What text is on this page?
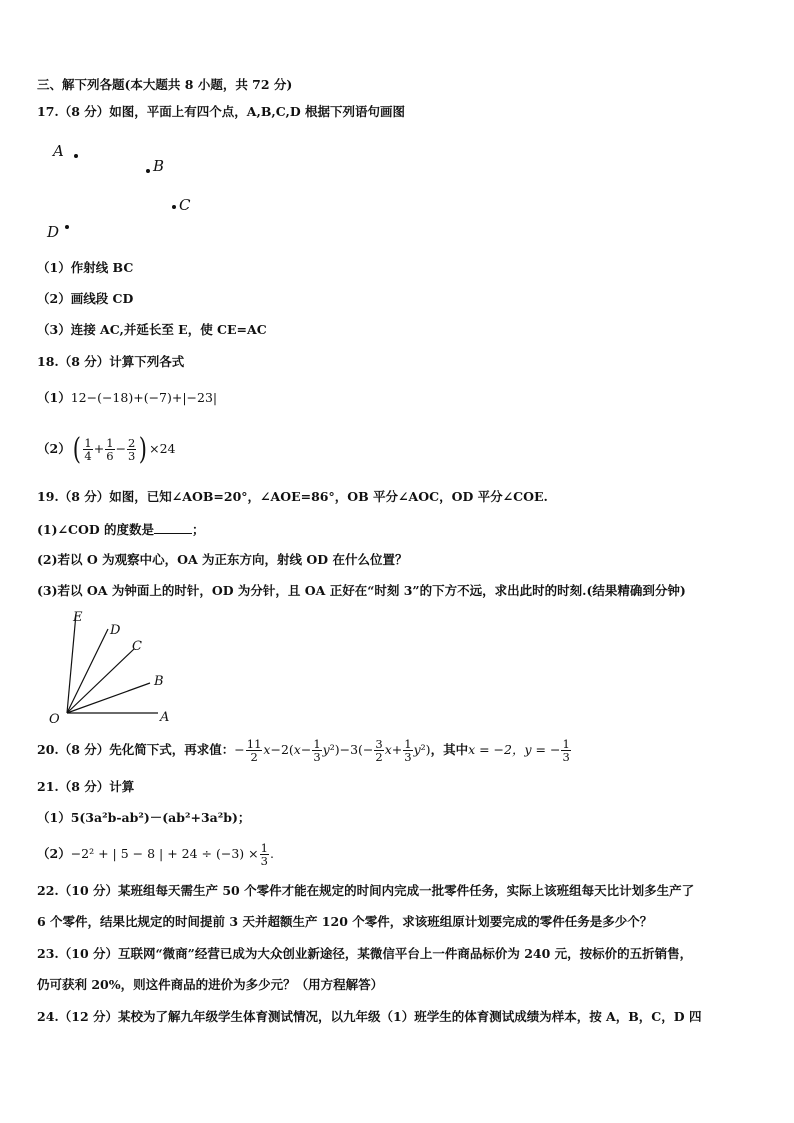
三、解下列各题(本大题共 8 小题，共 72 分)
17.（8 分）如图，平面上有四个点，A,B,C,D 根据下列语句画图
A
B
C
D
（1）作射线 BC
（2）画线段 CD
（3）连接 AC,并延长至 E，使 CE=AC
18.（8 分）计算下列各式
（1）12−(−18)+(−7)+|−23|
$(2)( \frac{1}{4} + \frac{1}{6} - \frac{2}{3}$ ) ×24
19.（8 分）如图，已知∠AOB=20°，∠AOE=86°，OB 平分∠AOC，OD 平分∠COE.
(1)∠COD 的度数是	；
(2)若以 O 为观察中心，OA 为正东方向，射线 OD 在什么位置？
(3)若以 OA 为钟面上的时针，OD 为分针，且 OA 正好在“时刻 3”的下方不远，求出此时的时刻.(结果精确到分钟)
E
D
C
B
O	A
20.（8 分）先化简下式，再求值：− $\frac{11}{2} x-2(x- \frac{1}{3} y^2)-3(- \frac{3}{2} x+ \frac{1}{3} y^2)$，其中x = −2，y = − $\frac{1}{3}$
21.（8 分）计算
（1）5(3a²b-ab²)－(ab²+3a²b)；
（2）−2² + | 5 − 8 | + $24 \div (-3) \times \frac{1}{3}$ .
22.（10 分）某班组每天需生产 50 个零件才能在规定的时间内完成一批零件任务，实际上该班组每天比计划多生产了
6 个零件，结果比规定的时间提前 3 天并超额生产 120 个零件，求该班组原计划要完成的零件任务是多少个？
23.（10 分）互联网“微商”经营已成为大众创业新途径，某微信平台上一件商品标价为 240 元，按标价的五折销售，
仍可获利 20%，则这件商品的进价为多少元？（用方程解答）
24.（12 分）某校为了解九年级学生体育测试情况，以九年级（1）班学生的体育测试成绩为样本，按 A，B，C，D 四
